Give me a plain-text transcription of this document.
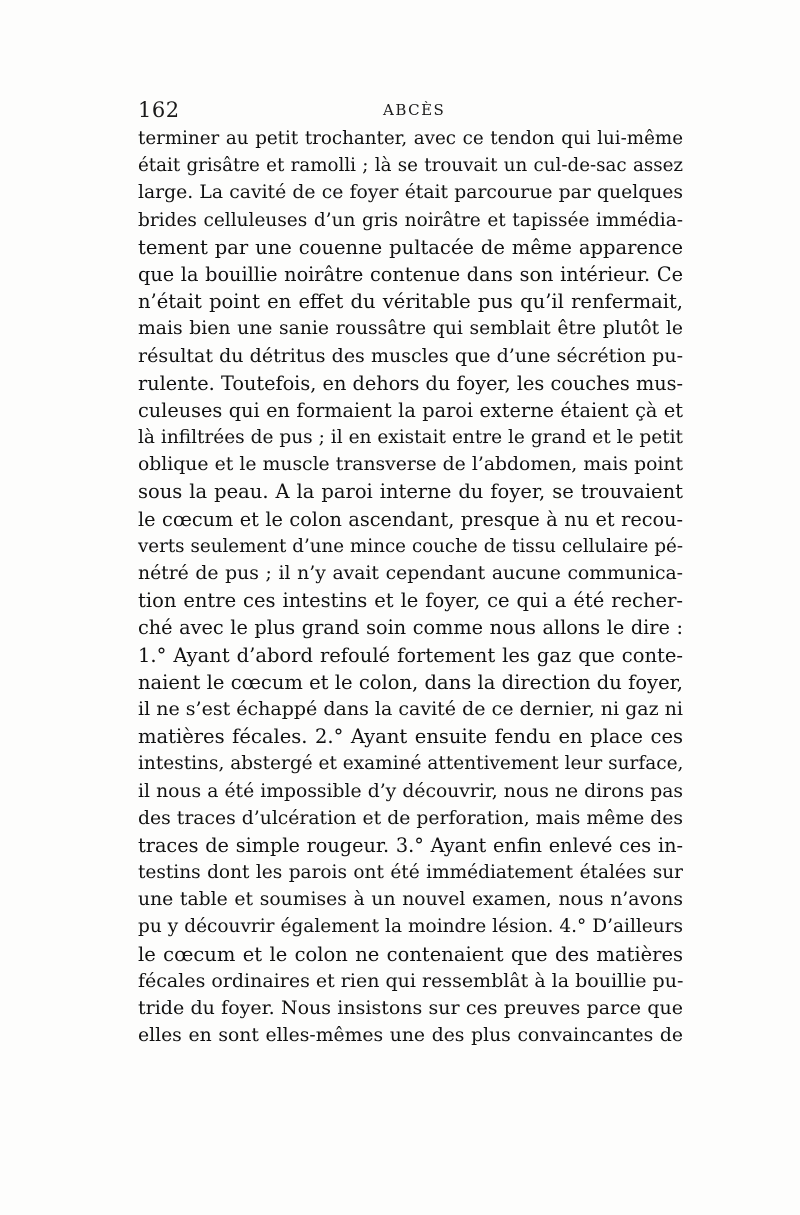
162	ABCÈS
terminer au petit trochanter, avec ce tendon qui lui-même
était grisâtre et ramolli ; là se trouvait un cul-de-sac assez
large. La cavité de ce foyer était parcourue par quelques
brides celluleuses d’un gris noirâtre et tapissée immédia-
tement par une couenne pultacée de même apparence
que la bouillie noirâtre contenue dans son intérieur. Ce
n’était point en effet du véritable pus qu’il renfermait,
mais bien une sanie roussâtre qui semblait être plutôt le
résultat du détritus des muscles que d’une sécrétion pu-
rulente. Toutefois, en dehors du foyer, les couches mus-
culeuses qui en formaient la paroi externe étaient çà et
là infiltrées de pus ; il en existait entre le grand et le petit
oblique et le muscle transverse de l’abdomen, mais point
sous la peau. A la paroi interne du foyer, se trouvaient
le cœcum et le colon ascendant, presque à nu et recou-
verts seulement d’une mince couche de tissu cellulaire pé-
nétré de pus ; il n’y avait cependant aucune communica-
tion entre ces intestins et le foyer, ce qui a été recher-
ché avec le plus grand soin comme nous allons le dire :
1.° Ayant d’abord refoulé fortement les gaz que conte-
naient le cœcum et le colon, dans la direction du foyer,
il ne s’est échappé dans la cavité de ce dernier, ni gaz ni
matières fécales. 2.° Ayant ensuite fendu en place ces
intestins, abstergé et examiné attentivement leur surface,
il nous a été impossible d’y découvrir, nous ne dirons pas
des traces d’ulcération et de perforation, mais même des
traces de simple rougeur. 3.° Ayant enfin enlevé ces in-
testins dont les parois ont été immédiatement étalées sur
une table et soumises à un nouvel examen, nous n’avons
pu y découvrir également la moindre lésion. 4.° D’ailleurs
le cœcum et le colon ne contenaient que des matières
fécales ordinaires et rien qui ressemblât à la bouillie pu-
tride du foyer. Nous insistons sur ces preuves parce que
elles en sont elles-mêmes une des plus convaincantes de
